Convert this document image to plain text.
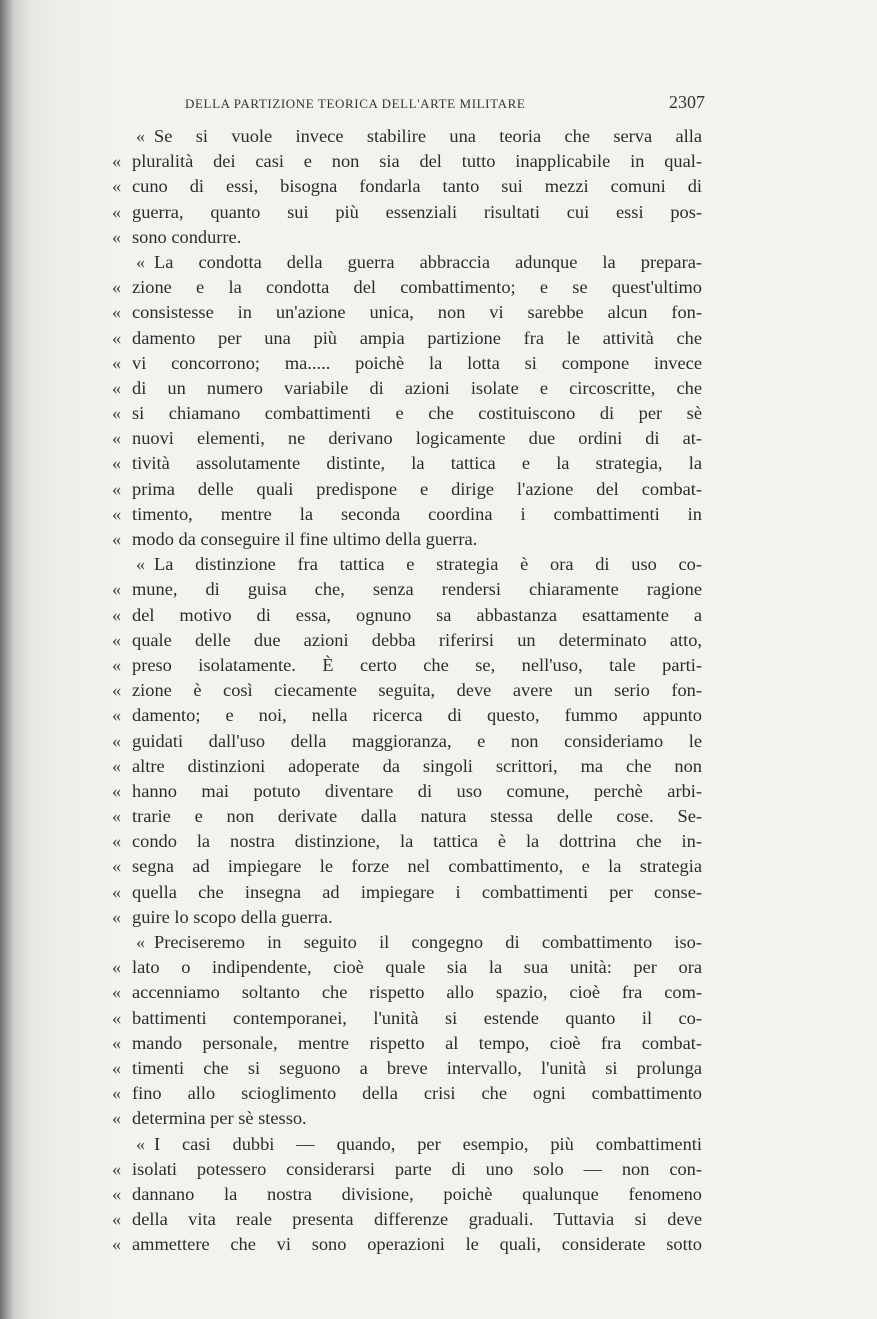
DELLA PARTIZIONE TEORICA DELL'ARTE MILITARE	2307
« Se si vuole invece stabilire una teoria che serva alla
« pluralità dei casi e non sia del tutto inapplicabile in qual-
« cuno di essi, bisogna fondarla tanto sui mezzi comuni di
« guerra, quanto sui più essenziali risultati cui essi pos-
« sono condurre.
« La condotta della guerra abbraccia adunque la prepara-
« zione e la condotta del combattimento; e se quest'ultimo
« consistesse in un'azione unica, non vi sarebbe alcun fon-
« damento per una più ampia partizione fra le attività che
« vi concorrono; ma..... poichè la lotta si compone invece
« di un numero variabile di azioni isolate e circoscritte, che
« si chiamano combattimenti e che costituiscono di per sè
« nuovi elementi, ne derivano logicamente due ordini di at-
« tività assolutamente distinte, la tattica e la strategia, la
« prima delle quali predispone e dirige l'azione del combat-
« timento, mentre la seconda coordina i combattimenti in
« modo da conseguire il fine ultimo della guerra.
« La distinzione fra tattica e strategia è ora di uso co-
« mune, di guisa che, senza rendersi chiaramente ragione
« del motivo di essa, ognuno sa abbastanza esattamente a
« quale delle due azioni debba riferirsi un determinato atto,
« preso isolatamente. È certo che se, nell'uso, tale parti-
« zione è così ciecamente seguita, deve avere un serio fon-
« damento; e noi, nella ricerca di questo, fummo appunto
« guidati dall'uso della maggioranza, e non consideriamo le
« altre distinzioni adoperate da singoli scrittori, ma che non
« hanno mai potuto diventare di uso comune, perchè arbi-
« trarie e non derivate dalla natura stessa delle cose. Se-
« condo la nostra distinzione, la tattica è la dottrina che in-
« segna ad impiegare le forze nel combattimento, e la strategia
« quella che insegna ad impiegare i combattimenti per conse-
« guire lo scopo della guerra.
« Preciseremo in seguito il congegno di combattimento iso-
« lato o indipendente, cioè quale sia la sua unità: per ora
« accenniamo soltanto che rispetto allo spazio, cioè fra com-
« battimenti contemporanei, l'unità si estende quanto il co-
« mando personale, mentre rispetto al tempo, cioè fra combat-
« timenti che si seguono a breve intervallo, l'unità si prolunga
« fino allo scioglimento della crisi che ogni combattimento
« determina per sè stesso.
« I casi dubbi — quando, per esempio, più combattimenti
« isolati potessero considerarsi parte di uno solo — non con-
« dannano la nostra divisione, poichè qualunque fenomeno
« della vita reale presenta differenze graduali. Tuttavia si deve
« ammettere che vi sono operazioni le quali, considerate sotto
